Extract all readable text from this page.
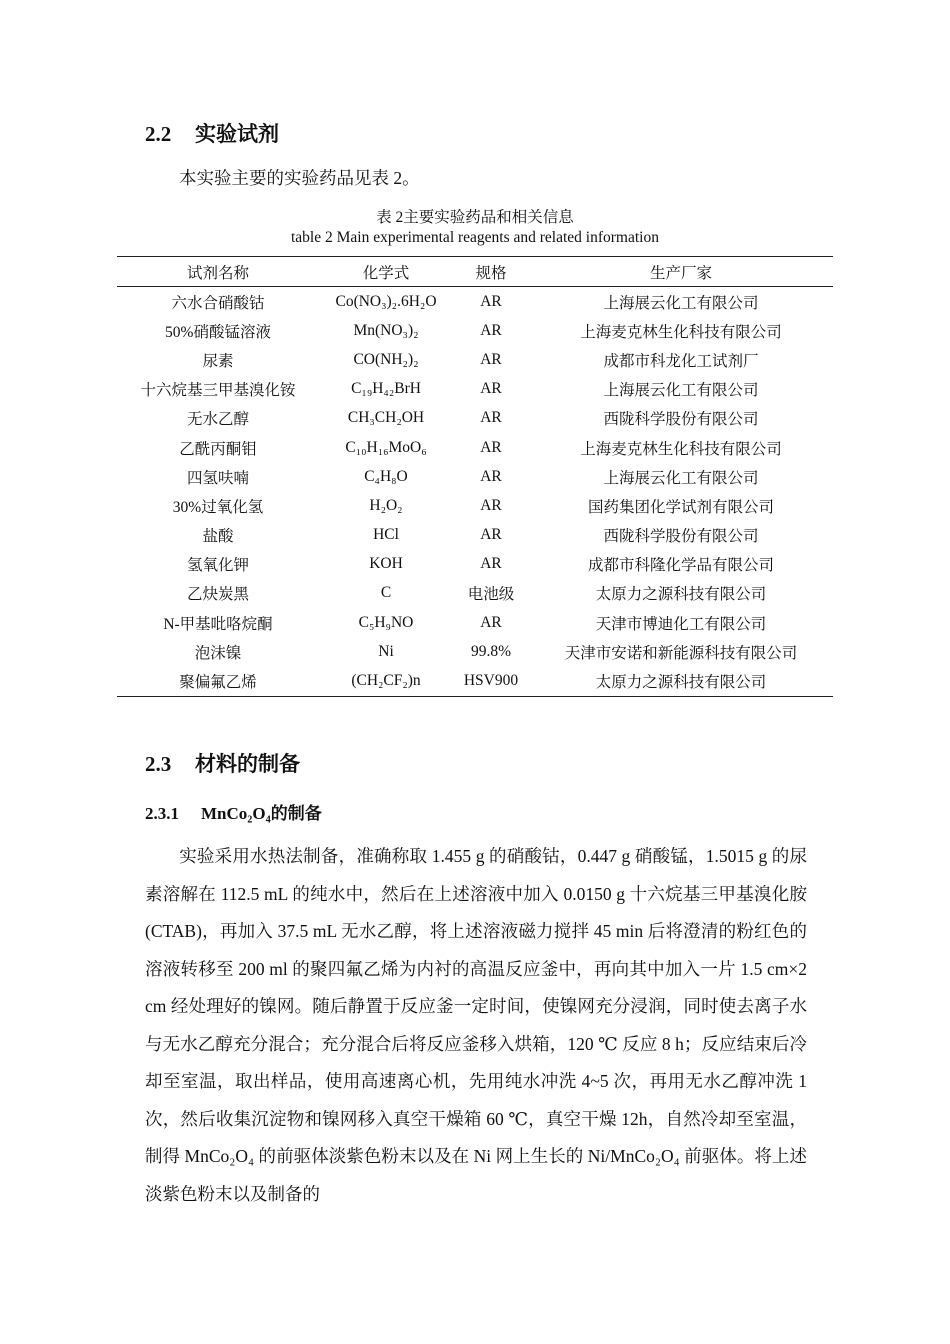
2.2 实验试剂
本实验主要的实验药品见表 2。
表 2主要实验药品和相关信息
table 2 Main experimental reagents and related information
试剂名称	化学式	规格	生产厂家
六水合硝酸钴	Co(NO₃)₂.6H₂O	AR	上海展云化工有限公司
50%硝酸锰溶液	Mn(NO₃)₂	AR	上海麦克林生化科技有限公司
尿素	CO(NH₂)₂	AR	成都市科龙化工试剂厂
十六烷基三甲基溴化铵	C₁₉H₄₂BrH	AR	上海展云化工有限公司
无水乙醇	CH₃CH₂OH	AR	西陇科学股份有限公司
乙酰丙酮钼	C₁₀H₁₆MoO₆	AR	上海麦克林生化科技有限公司
四氢呋喃	C₄H₈O	AR	上海展云化工有限公司
30%过氧化氢	H₂O₂	AR	国药集团化学试剂有限公司
盐酸	HCl	AR	西陇科学股份有限公司
氢氧化钾	KOH	AR	成都市科隆化学品有限公司
乙炔炭黑	C	电池级	太原力之源科技有限公司
N-甲基吡咯烷酮	C₅H₉NO	AR	天津市博迪化工有限公司
泡沫镍	Ni	99.8%	天津市安诺和新能源科技有限公司
聚偏氟乙烯	(CH₂CF₂)n	HSV900	太原力之源科技有限公司
2.3 材料的制备
2.3.1 MnCo₂O₄的制备
实验采用水热法制备，准确称取 1.455 g 的硝酸钴，0.447 g 硝酸锰，1.5015 g 的尿素溶解在 112.5 mL 的纯水中，然后在上述溶液中加入 0.0150 g 十六烷基三甲基溴化胺(CTAB)，再加入 37.5 mL 无水乙醇，将上述溶液磁力搅拌 45 min 后将澄清的粉红色的溶液转移至 200 ml 的聚四氟乙烯为内衬的高温反应釜中，再向其中加入一片 1.5 cm×2 cm 经处理好的镍网。随后静置于反应釜一定时间，使镍网充分浸润，同时使去离子水与无水乙醇充分混合；充分混合后将反应釜移入烘箱，120 ℃ 反应 8 h；反应结束后冷却至室温，取出样品，使用高速离心机，先用纯水冲洗 4~5 次，再用无水乙醇冲洗 1 次，然后收集沉淀物和镍网移入真空干燥箱 60 ℃，真空干燥 12h，自然冷却至室温，制得 MnCo₂O₄ 的前驱体淡紫色粉末以及在 Ni 网上生长的 Ni/MnCo₂O₄ 前驱体。将上述淡紫色粉末以及制备的
